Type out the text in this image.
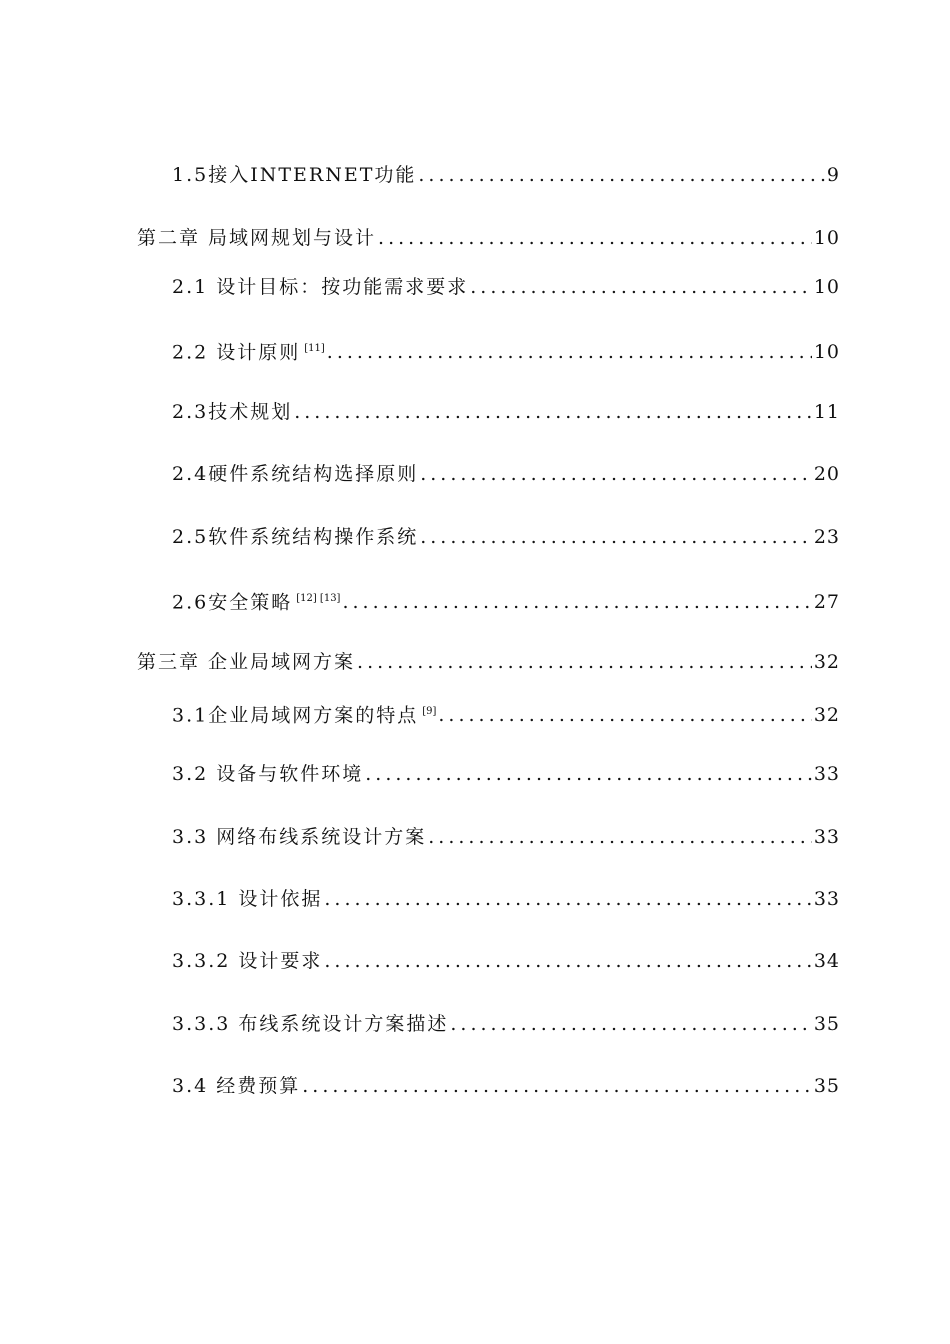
1.5接入INTERNET功能 .....	9
第二章 局域网规划与设计 .....	10
2.1 设计目标：按功能需求要求 .....	10
2.2 设计原则 [11] .....	10
2.3技术规划 .....	11
2.4硬件系统结构选择原则 .....	20
2.5软件系统结构操作系统 .....	23
2.6安全策略 [12] [13] .....	27
第三章 企业局域网方案 .....	32
3.1企业局域网方案的特点 [9] .....	32
3.2 设备与软件环境 .....	33
3.3 网络布线系统设计方案 .....	33
3.3.1 设计依据 .....	33
3.3.2 设计要求 .....	34
3.3.3 布线系统设计方案描述 .....	35
3.4 经费预算 .....	35
